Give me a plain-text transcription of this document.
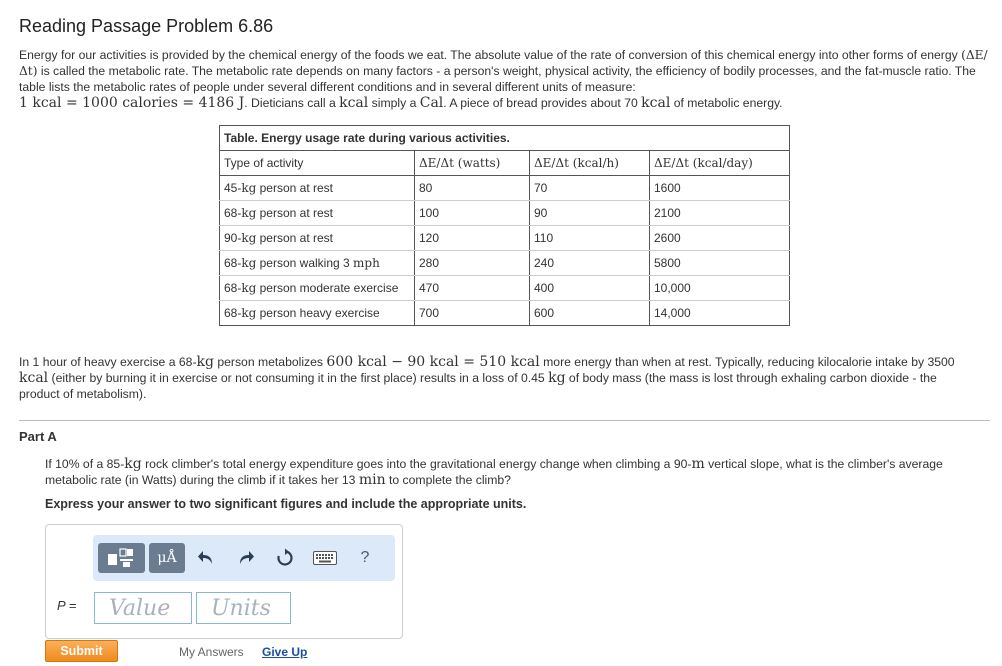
Reading Passage Problem 6.86
Energy for our activities is provided by the chemical energy of the foods we eat. The absolute value of the rate of conversion of this chemical energy into other forms of energy (ΔE/Δt) is called the metabolic rate. The metabolic rate depends on many factors - a person's weight, physical activity, the efficiency of bodily processes, and the fat-muscle ratio. The table lists the metabolic rates of people under several different conditions and in several different units of measure:
1 kcal = 1000 calories = 4186 J. Dieticians call a kcal simply a Cal. A piece of bread provides about 70 kcal of metabolic energy.
Table. Energy usage rate during various activities.			
Type of activity	ΔE/Δt (watts)	ΔE/Δt (kcal/h)	ΔE/Δt (kcal/day)
45-kg person at rest	80	70	1600
68-kg person at rest	100	90	2100
90-kg person at rest	120	110	2600
68-kg person walking 3 mph	280	240	5800
68-kg person moderate exercise	470	400	10,000
68-kg person heavy exercise	700	600	14,000
In 1 hour of heavy exercise a 68-kg person metabolizes 600 kcal − 90 kcal = 510 kcal more energy than when at rest. Typically, reducing kilocalorie intake by 3500 kcal (either by burning it in exercise or not consuming it in the first place) results in a loss of 0.45 kg of body mass (the mass is lost through exhaling carbon dioxide - the product of metabolism).
Part A
If 10% of a 85-kg rock climber's total energy expenditure goes into the gravitational energy change when climbing a 90-m vertical slope, what is the climber's average metabolic rate (in Watts) during the climb if it takes her 13 min to complete the climb?
Express your answer to two significant figures and include the appropriate units.
μÅ	?
P =	Value	Units
Submit	My Answers Give Up
